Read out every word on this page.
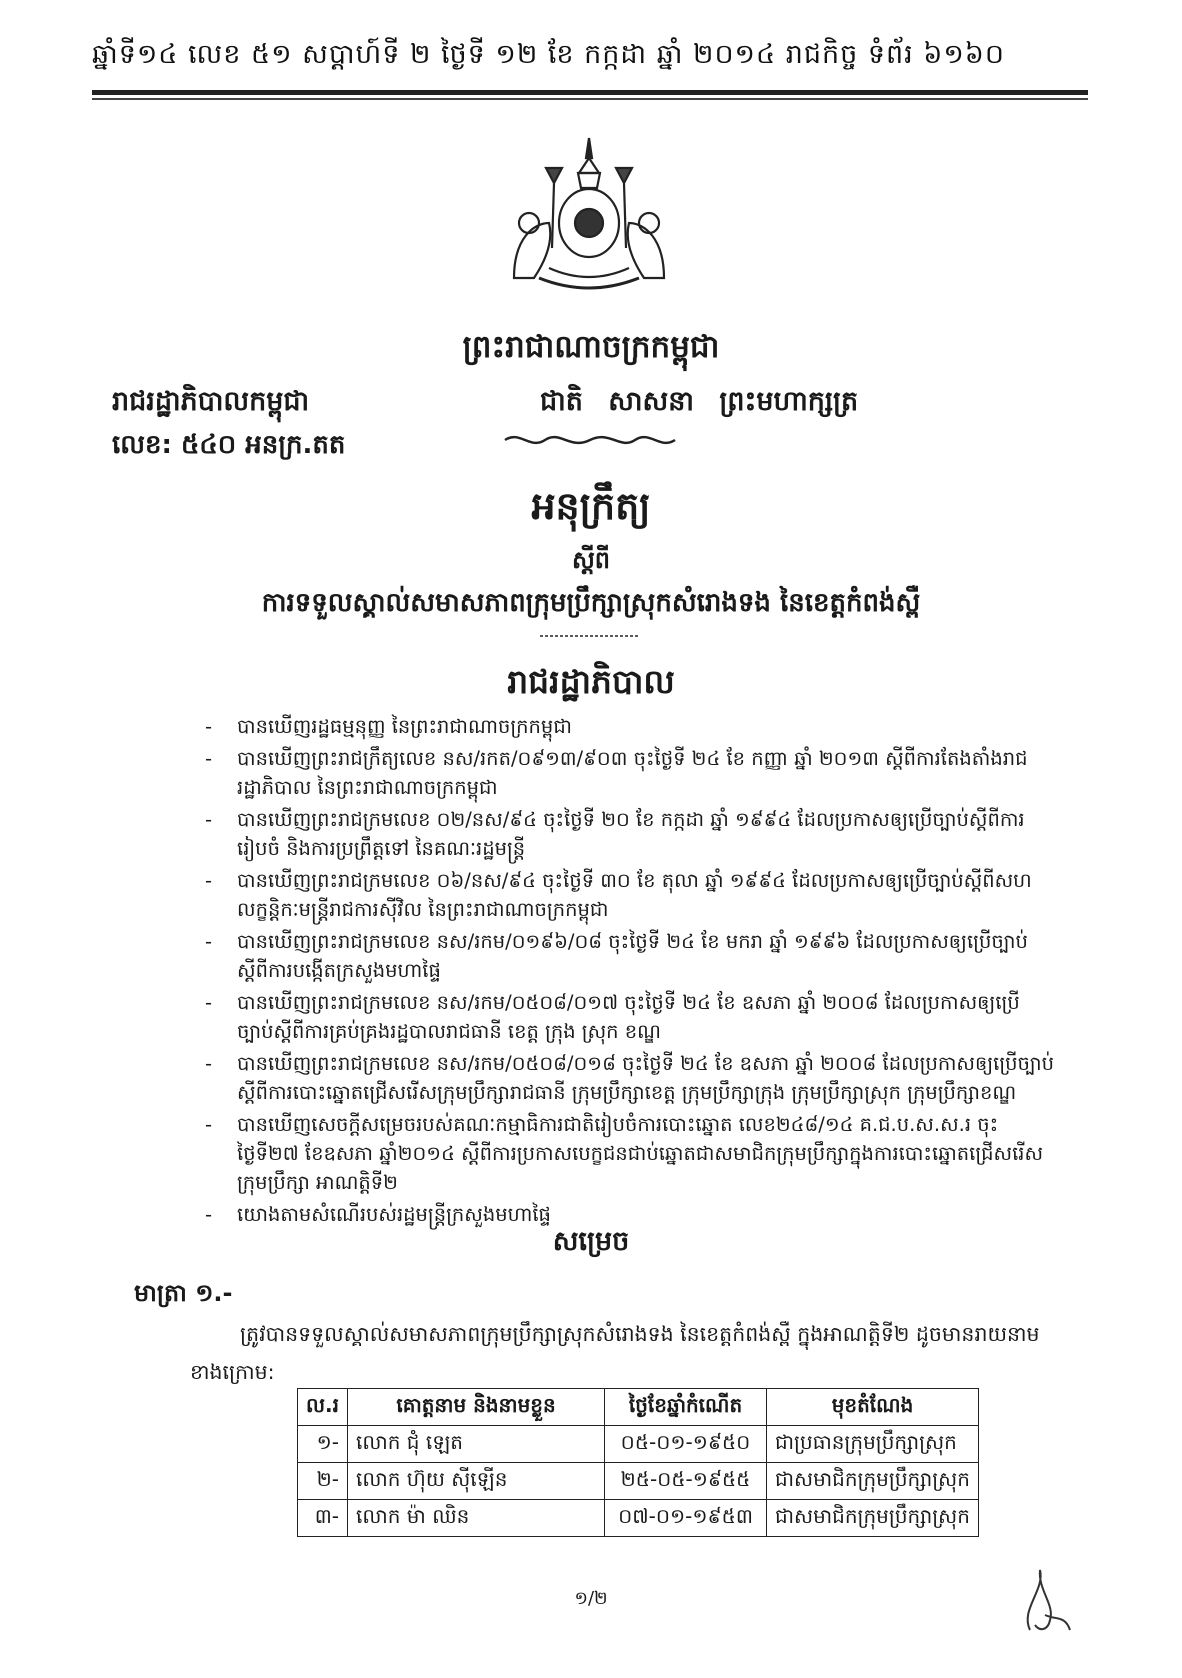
ឆ្នាំទី១៤ លេខ ៥១ សប្តាហ៍ទី ២ ថ្ងៃទី ១២ ខែ កក្កដា ឆ្នាំ ២០១៤ រាជកិច្ច ទំព័រ ៦១៦០
ព្រះរាជាណាចក្រកម្ពុជា
រាជរដ្ឋាភិបាលកម្ពុជា	ជាតិ សាសនា ព្រះមហាក្សត្រ
លេខ: ៥៤០ អនក្រ.តត
អនុក្រឹត្យ
ស្តីពី
ការទទួលស្គាល់សមាសភាពក្រុមប្រឹក្សាស្រុកសំរោងទង នៃខេត្តកំពង់ស្ពឺ
រាជរដ្ឋាភិបាល
- បានឃើញរដ្ឋធម្មនុញ្ញ នៃព្រះរាជាណាចក្រកម្ពុជា
- បានឃើញព្រះរាជក្រឹត្យលេខ នស/រកត/០៩១៣/៩០៣ ចុះថ្ងៃទី ២៤ ខែ កញ្ញា ឆ្នាំ ២០១៣ ស្តីពីការតែងតាំងរាជរដ្ឋាភិបាល នៃព្រះរាជាណាចក្រកម្ពុជា
- បានឃើញព្រះរាជក្រមលេខ ០២/នស/៩៤ ចុះថ្ងៃទី ២០ ខែ កក្កដា ឆ្នាំ ១៩៩៤ ដែលប្រកាសឲ្យប្រើច្បាប់ស្តីពីការរៀបចំ និងការប្រព្រឹត្តទៅ នៃគណៈរដ្ឋមន្ត្រី
- បានឃើញព្រះរាជក្រមលេខ ០៦/នស/៩៤ ចុះថ្ងៃទី ៣០ ខែ តុលា ឆ្នាំ ១៩៩៤ ដែលប្រកាសឲ្យប្រើច្បាប់ស្តីពីសហលក្ខន្តិកៈមន្ត្រីរាជការស៊ីវិល នៃព្រះរាជាណាចក្រកម្ពុជា
- បានឃើញព្រះរាជក្រមលេខ នស/រកម/០១៩៦/០៨ ចុះថ្ងៃទី ២៤ ខែ មករា ឆ្នាំ ១៩៩៦ ដែលប្រកាសឲ្យប្រើច្បាប់ស្តីពីការបង្កើតក្រសួងមហាផ្ទៃ
- បានឃើញព្រះរាជក្រមលេខ នស/រកម/០៥០៨/០១៧ ចុះថ្ងៃទី ២៤ ខែ ឧសភា ឆ្នាំ ២០០៨ ដែលប្រកាសឲ្យប្រើច្បាប់ស្តីពីការគ្រប់គ្រងរដ្ឋបាលរាជធានី ខេត្ត ក្រុង ស្រុក ខណ្ឌ
- បានឃើញព្រះរាជក្រមលេខ នស/រកម/០៥០៨/០១៨ ចុះថ្ងៃទី ២៤ ខែ ឧសភា ឆ្នាំ ២០០៨ ដែលប្រកាសឲ្យប្រើច្បាប់ស្តីពីការបោះឆ្នោតជ្រើសរើសក្រុមប្រឹក្សារាជធានី ក្រុមប្រឹក្សាខេត្ត ក្រុមប្រឹក្សាក្រុង ក្រុមប្រឹក្សាស្រុក ក្រុមប្រឹក្សាខណ្ឌ
- បានឃើញសេចក្តីសម្រេចរបស់គណៈកម្មាធិការជាតិរៀបចំការបោះឆ្នោត លេខ២៤៨/១៤ គ.ជ.ប.ស.ស.រ ចុះថ្ងៃទី២៧ ខែឧសភា ឆ្នាំ២០១៤ ស្តីពីការប្រកាសបេក្ខជនជាប់ឆ្នោតជាសមាជិកក្រុមប្រឹក្សាក្នុងការបោះឆ្នោតជ្រើសរើសក្រុមប្រឹក្សា អាណត្តិទី២
- យោងតាមសំណើរបស់រដ្ឋមន្ត្រីក្រសួងមហាផ្ទៃ
សម្រេច
មាត្រា ១.-
ត្រូវបានទទួលស្គាល់សមាសភាពក្រុមប្រឹក្សាស្រុកសំរោងទង នៃខេត្តកំពង់ស្ពឺ ក្នុងអាណត្តិទី២ ដូចមានរាយនាមខាងក្រោម:
ល.រ	គោត្តនាម និងនាមខ្លួន	ថ្ងៃខែឆ្នាំកំណើត	មុខតំណែង
១-	លោក ជុំ ឡេត	០៥-០១-១៩៥០	ជាប្រធានក្រុមប្រឹក្សាស្រុក
២-	លោក ហ៊ុយ ស៊ីឡេីន	២៥-០៥-១៩៥៥	ជាសមាជិកក្រុមប្រឹក្សាស្រុក
៣-	លោក ម៉ា ឈិន	០៧-០១-១៩៥៣	ជាសមាជិកក្រុមប្រឹក្សាស្រុក
១/២
